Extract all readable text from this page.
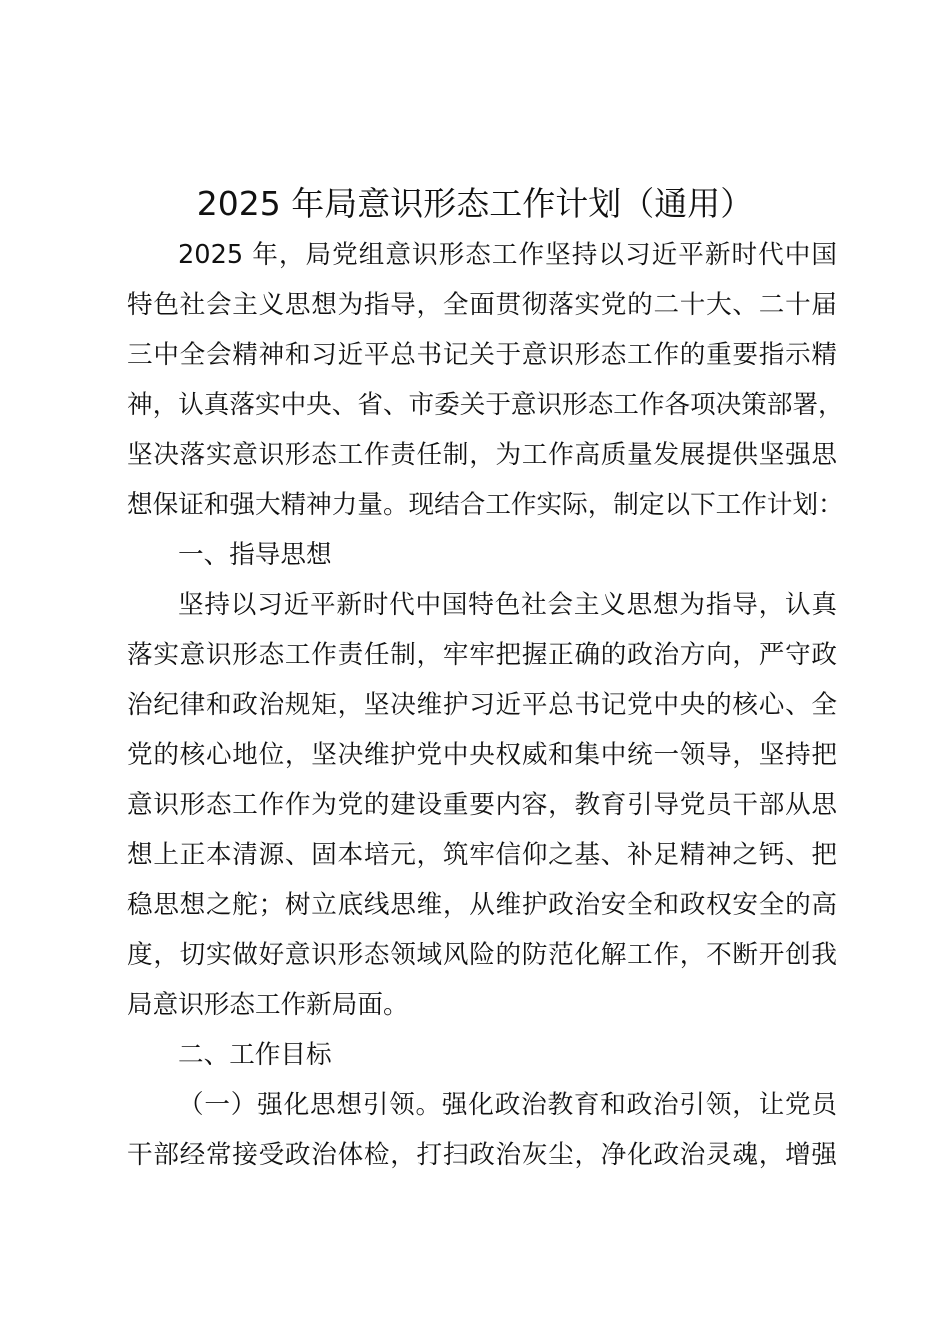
2025 年局意识形态工作计划（通用）
2025 年，局党组意识形态工作坚持以习近平新时代中国
特色社会主义思想为指导，全面贯彻落实党的二十大、二十届
三中全会精神和习近平总书记关于意识形态工作的重要指示精
神，认真落实中央、省、市委关于意识形态工作各项决策部署，
坚决落实意识形态工作责任制，为工作高质量发展提供坚强思
想保证和强大精神力量。现结合工作实际，制定以下工作计划：
一、指导思想
坚持以习近平新时代中国特色社会主义思想为指导，认真
落实意识形态工作责任制，牢牢把握正确的政治方向，严守政
治纪律和政治规矩，坚决维护习近平总书记党中央的核心、全
党的核心地位，坚决维护党中央权威和集中统一领导，坚持把
意识形态工作作为党的建设重要内容，教育引导党员干部从思
想上正本清源、固本培元，筑牢信仰之基、补足精神之钙、把
稳思想之舵；树立底线思维，从维护政治安全和政权安全的高
度，切实做好意识形态领域风险的防范化解工作，不断开创我
局意识形态工作新局面。
二、工作目标
（一）强化思想引领。强化政治教育和政治引领，让党员
干部经常接受政治体检，打扫政治灰尘，净化政治灵魂，增强
